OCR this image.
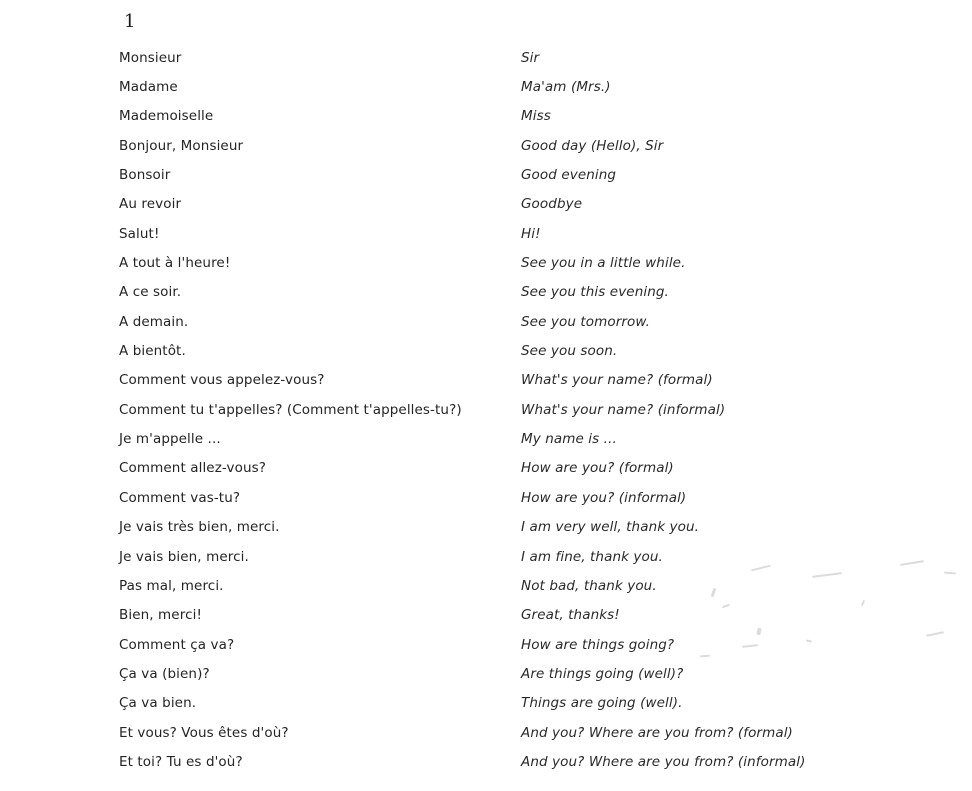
1
Monsieur	Sir
Madame	Ma'am (Mrs.)
Mademoiselle	Miss
Bonjour, Monsieur	Good day (Hello), Sir
Bonsoir	Good evening
Au revoir	Goodbye
Salut!	Hi!
A tout à l'heure!	See you in a little while.
A ce soir.	See you this evening.
A demain.	See you tomorrow.
A bientôt.	See you soon.
Comment vous appelez-vous?	What's your name? (formal)
Comment tu t'appelles? (Comment t'appelles-tu?)	What's your name? (informal)
Je m'appelle ...	My name is ...
Comment allez-vous?	How are you? (formal)
Comment vas-tu?	How are you? (informal)
Je vais très bien, merci.	I am very well, thank you.
Je vais bien, merci.	I am fine, thank you.
Pas mal, merci.	Not bad, thank you.
Bien, merci!	Great, thanks!
Comment ça va?	How are things going?
Ça va (bien)?	Are things going (well)?
Ça va bien.	Things are going (well).
Et vous? Vous êtes d'où?	And you? Where are you from? (formal)
Et toi? Tu es d'où?	And you? Where are you from? (informal)
